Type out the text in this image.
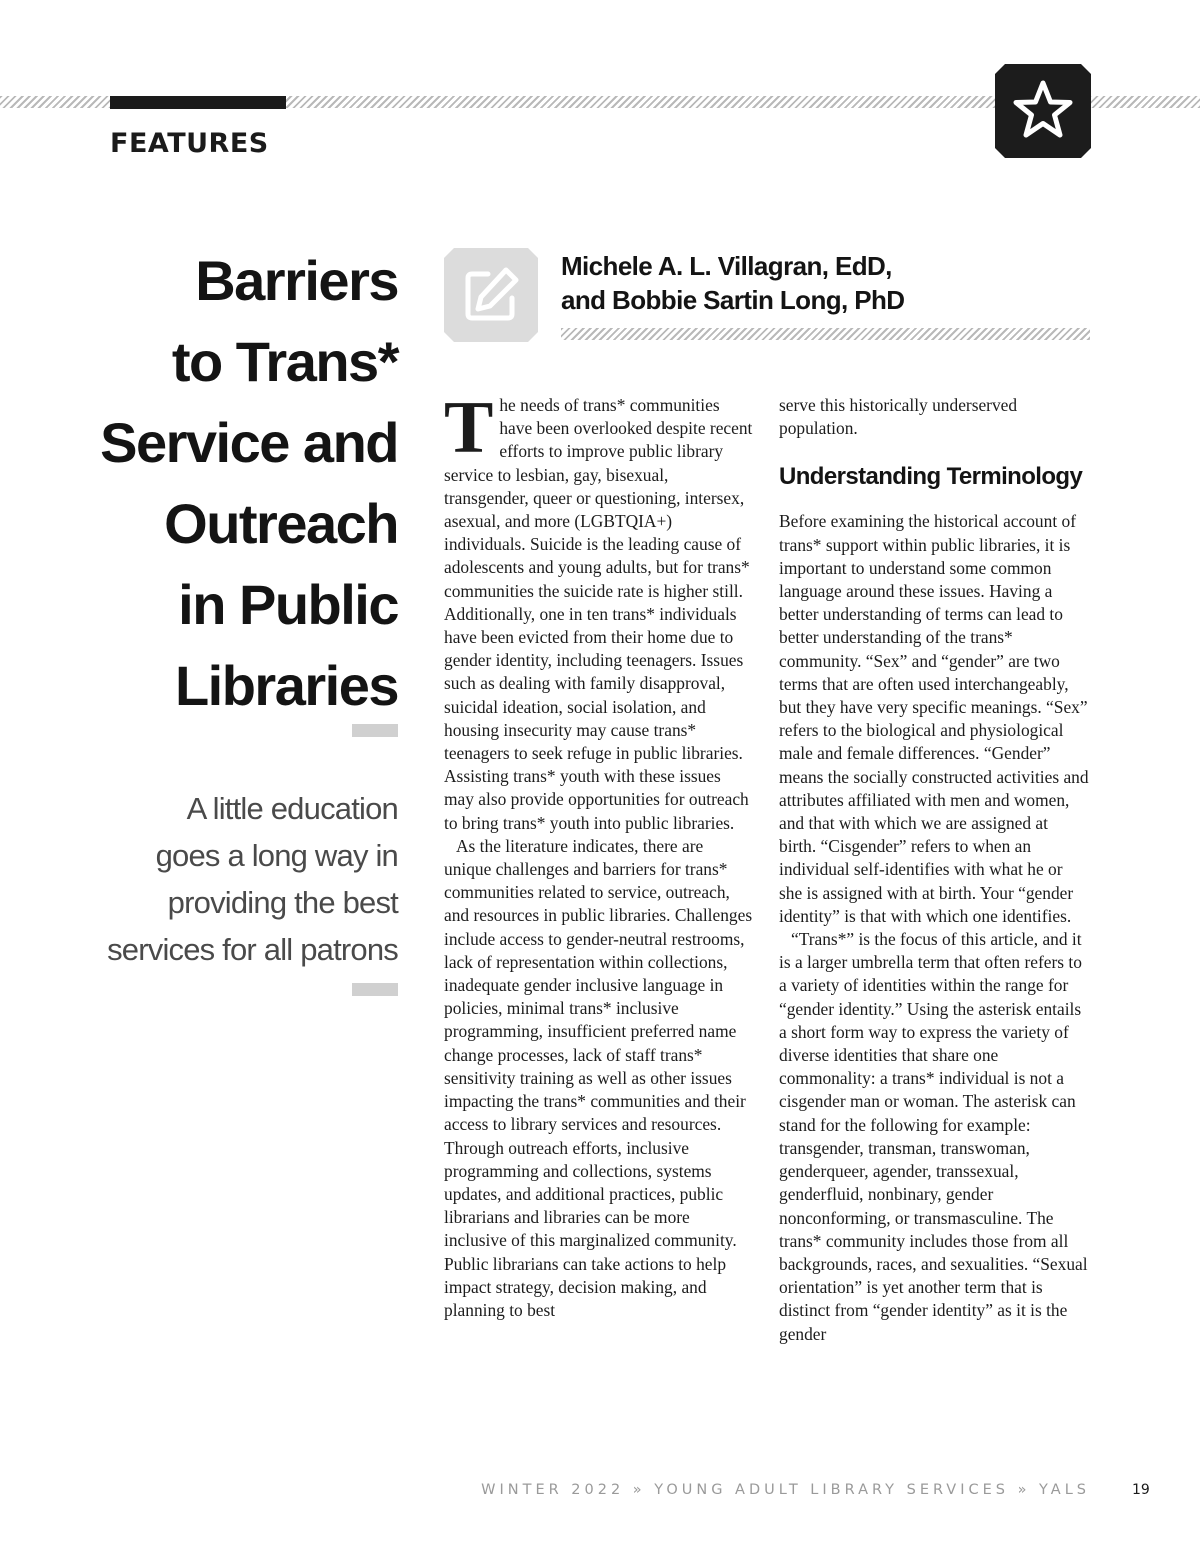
FEATURES
Barriers
to Trans*
Service and
Outreach
in Public
Libraries

A little education
goes a long way in
providing the best
services for all patrons

Michele A. L. Villagran, EdD,

and Bobbie Sartin Long, PhD

The needs of trans* communities have been overlooked despite recent efforts to improve public library service to lesbian, gay, bisexual, transgender, queer or questioning, intersex, asexual, and more (LGBTQIA+) individuals. Suicide is the leading cause of adolescents and young adults, but for trans* communities the suicide rate is higher still. Additionally, one in ten trans* individuals have been evicted from their home due to gender identity, including teenagers. Issues such as dealing with family disapproval, suicidal ideation, social isolation, and housing insecurity may cause trans* teenagers to seek refuge in public libraries. Assisting trans* youth with these issues may also provide opportunities for outreach to bring trans* youth into public libraries.

As the literature indicates, there are unique challenges and barriers for trans* communities related to service, outreach, and resources in public libraries. Challenges include access to gender-neutral restrooms, lack of representation within collections, inadequate gender inclusive language in policies, minimal trans* inclusive programming, insufficient preferred name change processes, lack of staff trans* sensitivity training as well as other issues impacting the trans* communities and their access to library services and resources. Through outreach efforts, inclusive programming and collections, systems updates, and additional practices, public librarians and libraries can be more inclusive of this marginalized community. Public librarians can take actions to help impact strategy, decision making, and planning to best

serve this historically underserved population.

Understanding Terminology

Before examining the historical account of trans* support within public libraries, it is important to understand some common language around these issues. Having a better understanding of terms can lead to better understanding of the trans* community. “Sex” and “gender” are two terms that are often used interchangeably, but they have very specific meanings. “Sex” refers to the biological and physiological male and female differences. “Gender” means the socially constructed activities and attributes affiliated with men and women, and that with which we are assigned at birth. “Cisgender” refers to when an individual self-identifies with what he or she is assigned with at birth. Your “gender identity” is that with which one identifies.

“Trans*” is the focus of this article, and it is a larger umbrella term that often refers to a variety of identities within the range for “gender identity.” Using the asterisk entails a short form way to express the variety of diverse identities that share one commonality: a trans* individual is not a cisgender man or woman. The asterisk can stand for the following for example: transgender, transman, transwoman, genderqueer, agender, transsexual, genderfluid, nonbinary, gender nonconforming, or transmasculine. The trans* community includes those from all backgrounds, races, and sexualities. “Sexual orientation” is yet another term that is distinct from “gender identity” as it is the gender

WINTER 2022 » YOUNG ADULT LIBRARY SERVICES » YALS	19
